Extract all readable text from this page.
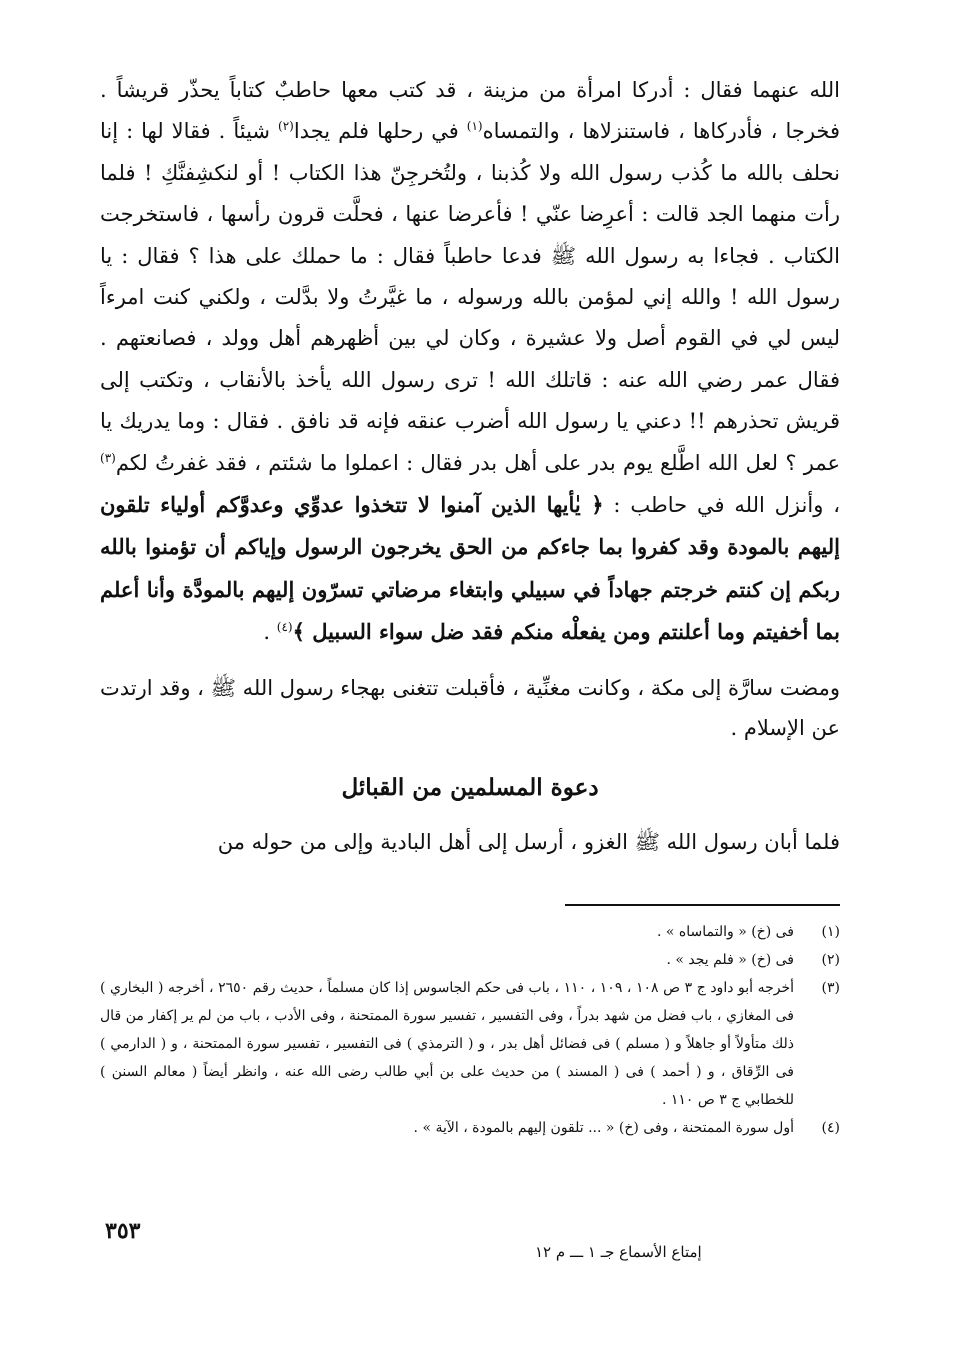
الله عنهما فقال : أدركا امرأة من مزينة ، قد كتب معها حاطبٌ كتاباً يحذّر قريشاً . فخرجا ، فأدركاها ، فاستنزلاها ، والتمساه$^{(١)}$ في رحلها فلم يجدا$^{(٢)}$ شيئاً . فقالا لها : إنا نحلف بالله ما كُذب رسول الله ولا كُذبنا ، ولتُخرجِنّ هذا الكتاب ! أو لنكشِفنَّكِ ! فلما رأت منهما الجد قالت : أعرِضا عنّي ! فأعرضا عنها ، فحلَّت قرون رأسها ، فاستخرجت الكتاب . فجاءا به رسول الله ﷺ فدعا حاطباً فقال : ما حملك على هذا ؟ فقال : يا رسول الله ! والله إني لمؤمن بالله ورسوله ، ما غيَّرتُ ولا بدَّلت ، ولكني كنت امرءاً ليس لي في القوم أصل ولا عشيرة ، وكان لي بين أظهرهم أهل وولد ، فصانعتهم . فقال عمر رضي الله عنه : قاتلك الله ! ترى رسول الله يأخذ بالأنقاب ، وتكتب إلى قريش تحذرهم !! دعني يا رسول الله أضرب عنقه فإنه قد نافق . فقال : وما يدريك يا عمر ؟ لعل الله اطَّلع يوم بدر على أهل بدر فقال : اعملوا ما شئتم ، فقد غفرتُ لكم$^{(٣)}$ ، وأنزل الله في حاطب : ﴿ يٰأيها الذين آمنوا لا تتخذوا عدوِّي وعدوَّكم أولياء تلقون إليهم بالمودة وقد كفروا بما جاءكم من الحق يخرجون الرسول وإياكم أن تؤمنوا بالله ربكم إن كنتم خرجتم جهاداً في سبيلي وابتغاء مرضاتي تسرّون إليهم بالمودَّة وأنا أعلم بما أخفيتم وما أعلنتم ومن يفعلْه منكم فقد ضل سواء السبيل ﴾$^{(٤)}$ .

ومضت سارَّة إلى مكة ، وكانت مغنِّية ، فأقبلت تتغنى بهجاء رسول الله ﷺ ، وقد ارتدت عن الإسلام .

دعوة المسلمين من القبائل

فلما أبان رسول الله ﷺ الغزو ، أرسل إلى أهل البادية وإلى من حوله من

(١)
فى (خ) « والتماساه » .
(٢)
فى (خ) « فلم يجد » .
(٣)
أخرجه أبو داود ج ٣ ص ١٠٨ ، ١٠٩ ، ١١٠ ، باب فى حكم الجاسوس إذا كان مسلماً ، حديث رقم ٢٦٥٠ ، أخرجه ( البخاري ) فى المغازي ، باب فضل من شهد بدراً ، وفى التفسير ، تفسير سورة الممتحنة ، وفى الأدب ، باب من لم ير إكفار من قال ذلك متأولاً أو جاهلاً و ( مسلم ) فى فضائل أهل بدر ، و ( الترمذي ) فى التفسير ، تفسير سورة الممتحنة ، و ( الدارمي ) فى الرِّقاق ، و ( أحمد ) فى ( المسند ) من حديث على بن أبي طالب رضى الله عنه ، وانظر أيضاً ( معالم السنن ) للخطابي ج ٣ ص ١١٠ .
(٤)
أول سورة الممتحنة ، وفى (خ) « ... تلقون إليهم بالمودة ، الآية » .
٣٥٣
إمتاع الأسماع جـ ١ ـــ م ١٢
